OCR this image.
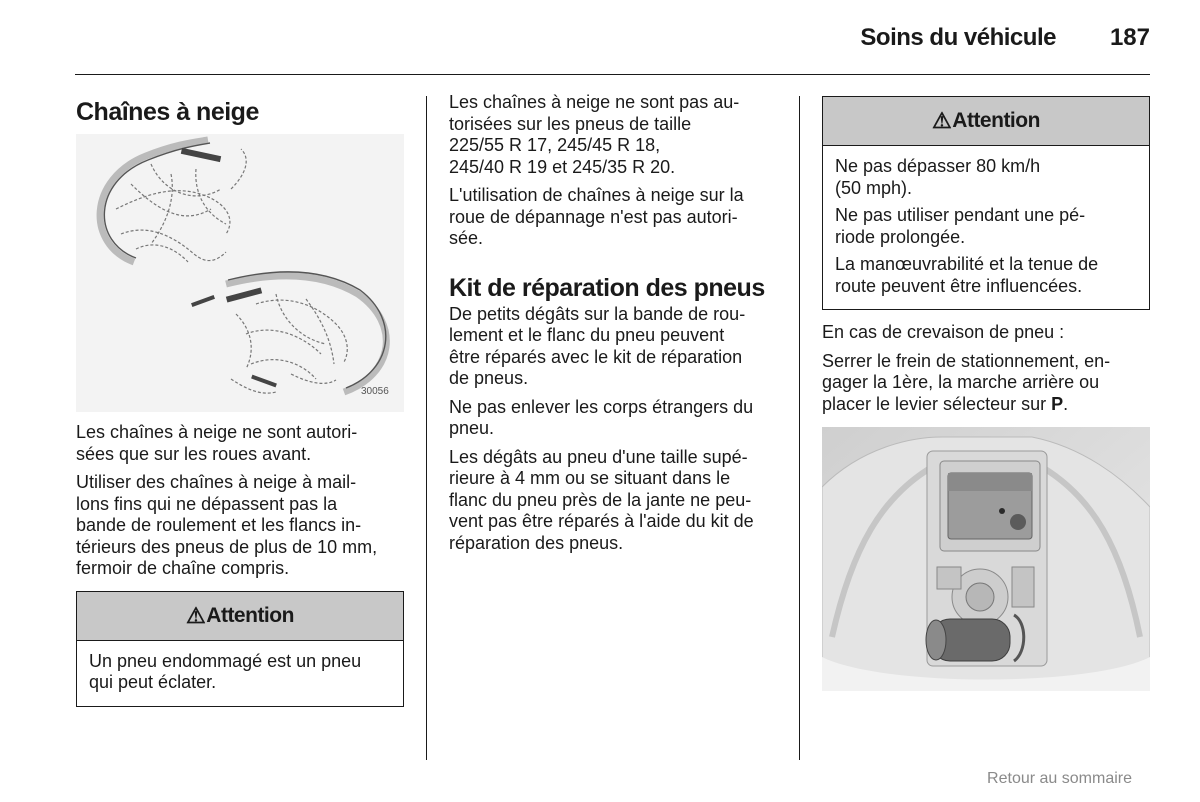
Soins du véhicule 187
Chaînes à neige
30056

Les chaînes à neige ne sont autori-
sées que sur les roues avant.

Utiliser des chaînes à neige à mail-
lons fins qui ne dépassent pas la
bande de roulement et les flancs in-
térieurs des pneus de plus de 10 mm,
fermoir de chaîne compris.

⚠ Attention

Un pneu endommagé est un pneu
qui peut éclater.

Les chaînes à neige ne sont pas au-
torisées sur les pneus de taille
225/55 R 17, 245/45 R 18,
245/40 R 19 et 245/35 R 20.

L'utilisation de chaînes à neige sur la
roue de dépannage n'est pas autori-
sée.

Kit de réparation des pneus

De petits dégâts sur la bande de rou-
lement et le flanc du pneu peuvent
être réparés avec le kit de réparation
de pneus.

Ne pas enlever les corps étrangers du
pneu.

Les dégâts au pneu d'une taille supé-
rieure à 4 mm ou se situant dans le
flanc du pneu près de la jante ne peu-
vent pas être réparés à l'aide du kit de
réparation des pneus.

⚠ Attention

Ne pas dépasser 80 km/h
(50 mph).

Ne pas utiliser pendant une pé-
riode prolongée.

La manœuvrabilité et la tenue de
route peuvent être influencées.

En cas de crevaison de pneu :

Serrer le frein de stationnement, en-
gager la 1ère, la marche arrière ou
placer le levier sélecteur sur P.

Retour au sommaire
